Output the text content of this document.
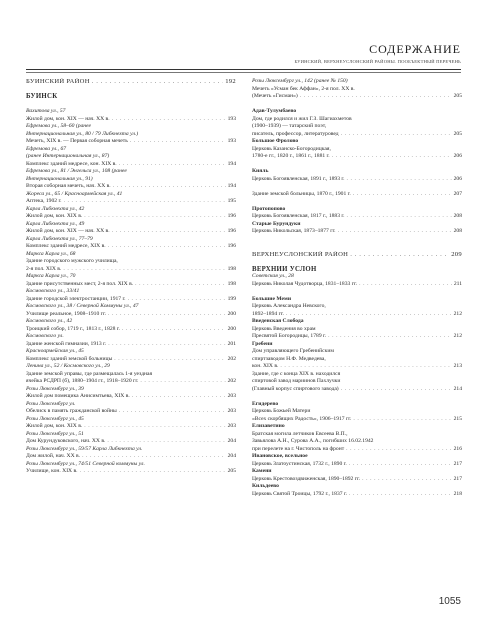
СОДЕРЖАНИЕ
БУИНСКИЙ, ВЕРХНЕУСЛОНСКИЙ РАЙОНЫ. ПООБЪЕКТНЫЙ ПЕРЕЧЕНЬ
БУИНСКИЙ РАЙОН . . .	192
БУИНСК
Вахитова ул., 57
Жилой дом, кон. XIX — нач. XX в. . . .	193
Ефремова ул., 58–60 (ранее
Интернациональная ул., 80 / 79 Либкнехта ул.)
Мечеть, XIX в. — Первая соборная мечеть . . .	193
Ефремова ул., 67
(ранее Интернациональная ул., 87)
Комплекс зданий медресе, кон. XIX в. . . .	194
Ефремова ул., 81 / Энгельса ул., 108 (ранее
Интернациональная ул., 91)
Вторая соборная мечеть, нач. XX в. . . .	194
Жореса ул., 65 / Красноармейская ул., 41
Аптека, 1902 г. . . .	195
Карла Либкнехта ул., 42
Жилой дом, кон. XIX в. . . .	196
Карла Либкнехта ул., 49
Жилой дом, кон. XIX — нач. XX в. . . .	196
Карла Либкнехта ул., 77–79
Комплекс зданий медресе, XIX в. . . .	196
Маркса Карла ул., 68
Здание городского мужского училища,
2-я пол. XIX в. . . .	198
Маркса Карла ул., 70
Здание присутственных мест, 2-я пол. XIX в. . . .	198
Космовского ул., 33/41
Здание городской электростанции, 1917 г. . . .	199
Космовского ул., 38 / Северной Коммуны ул., 47
Училище реальное, 1908–1910 гг. . . .	200
Космовского ул., 42
Троицкий собор, 1719 г., 1813 г., 1828 г. . . .	200
Космовского ул.
Здание женской гимназии, 1913 г. . . .	201
Красноармейская ул., 45
Комплекс зданий земской больницы . . .	202
Ленина ул., 52 / Космовского ул., 29
Здание земской управы, где размещалась 1-я уездная
ячейка РСДРП (б), 1880–1904 гг., 1918–1920 гг. . . .	202
Розы Люксембург ул., 39
Жилой дом помещика Анисимтьева, XIX в. . . .	203
Розы Люксембург ул.
Обелиск в память гражданской войны . . .	203
Розы Люксембург ул., 45
Жилой дом, кон. XIX в. . . .	203
Розы Люксембург ул., 51
Дом Курундуковского, нач. XX в. . . .	204
Розы Люксембург ул., 59/57 Карла Либкнехта ул.
Дом жилой, нач. XX в. . . .	204
Розы Люксембург ул., 74/51 Северной коммуны ул.
Училище, кон. XIX в. . . .	205
Розы Люксембург ул., 142 (ранее № 150)
Мечеть «Усман бек Аффан», 2-я пол. XX в.
(Мечеть «Гисман») . . .	205
Адав-Тулумбаево
Дом, где родился и жил Г.З. Шагиахметов
(1900–1939) — татарский поэт,
писатель, профессор, литературовед . . .	205
Большое Фролово
Церковь Казанско-Богородицкая,
1780-е гг., 1820 г., 1861 г., 1881 г. . . .	206
Кияль
Церковь Богоявленская, 1891 г., 1893 г. . . .	206
Здание земской больницы, 1870 г., 1901 г. . . .	207
Протопопово
Церковь Богоявленская, 1817 г., 1883 г. . . .	208
Старые Бурундуки
Церковь Никольская, 1873–1877 гг. . . .	208
ВЕРХНЕУСЛОНСКИЙ РАЙОН . . .	209
ВЕРХНИЙ УСЛОН
Советская ул., 28
Церковь Николая Чудотворца, 1831–1833 гг. . . .	211
Большие Меми
Церковь Александра Невского,
1892–1894 гг. . . .	212
Введенская Слобода
Церковь Введения во храм
Пресвятой Богородицы, 1789 г. . . .	212
Гребени
Дом управляющего Гребенийским
спиртзаводом Н.Ф. Медведева,
кон. XIX в. . . .	213
Здание, где с конца XIX в. находился
спиртовой завод мариинов Пахлучки
(Главный корпус спиртового завода) . . .	214
Егидерево
Церковь Божьей Матери
«Всех скорбящих Радость», 1906–1917 гг. . . .	215
Елизаветино
Братская могила летчиков Евсеева В.П.,
Завьялова А.Н., Сурова А.А., погибших 16.02.1942
при перелете на г. Чистополь на фронт . . .	216
Ивановское, всельное
Церковь Златоустинская, 1732 г., 1890 г. . . .	217
Камени
Церковь Крестовоздвиженская, 1890–1892 гг. . . .	217
Кильдеево
Церковь Святой Троицы, 1792 г., 1837 г. . . .	218
1055
